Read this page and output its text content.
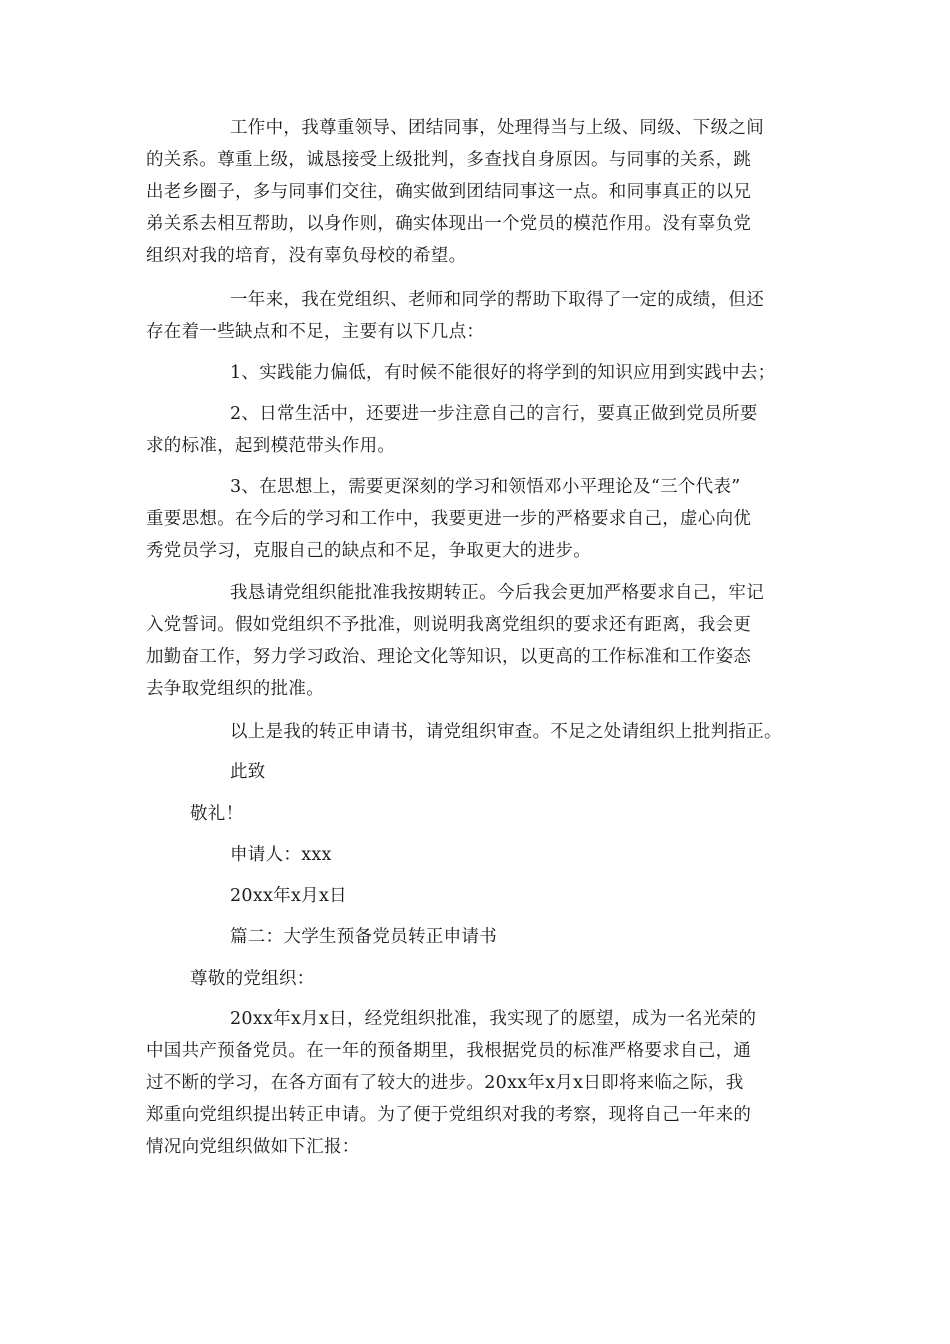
工作中，我尊重领导、团结同事，处理得当与上级、同级、下级之间
的关系。尊重上级，诚恳接受上级批判，多查找自身原因。与同事的关系，跳
出老乡圈子，多与同事们交往，确实做到团结同事这一点。和同事真正的以兄
弟关系去相互帮助，以身作则，确实体现出一个党员的模范作用。没有辜负党
组织对我的培育，没有辜负母校的希望。

一年来，我在党组织、老师和同学的帮助下取得了一定的成绩，但还
存在着一些缺点和不足，主要有以下几点：

1、实践能力偏低，有时候不能很好的将学到的知识应用到实践中去；

2、日常生活中，还要进一步注意自己的言行，要真正做到党员所要
求的标准，起到模范带头作用。

3、在思想上，需要更深刻的学习和领悟邓小平理论及“三个代表”
重要思想。在今后的学习和工作中，我要更进一步的严格要求自己，虚心向优
秀党员学习，克服自己的缺点和不足，争取更大的进步。

我恳请党组织能批准我按期转正。今后我会更加严格要求自己，牢记
入党誓词。假如党组织不予批准，则说明我离党组织的要求还有距离，我会更
加勤奋工作，努力学习政治、理论文化等知识，以更高的工作标准和工作姿态
去争取党组织的批准。

以上是我的转正申请书，请党组织审查。不足之处请组织上批判指正。

此致

敬礼！

申请人：xxx

20xx年x月x日

篇二：大学生预备党员转正申请书

尊敬的党组织：

20xx年x月x日，经党组织批准，我实现了的愿望，成为一名光荣的
中国共产预备党员。在一年的预备期里，我根据党员的标准严格要求自己，通
过不断的学习，在各方面有了较大的进步。20xx年x月x日即将来临之际，我
郑重向党组织提出转正申请。为了便于党组织对我的考察，现将自己一年来的
情况向党组织做如下汇报：
